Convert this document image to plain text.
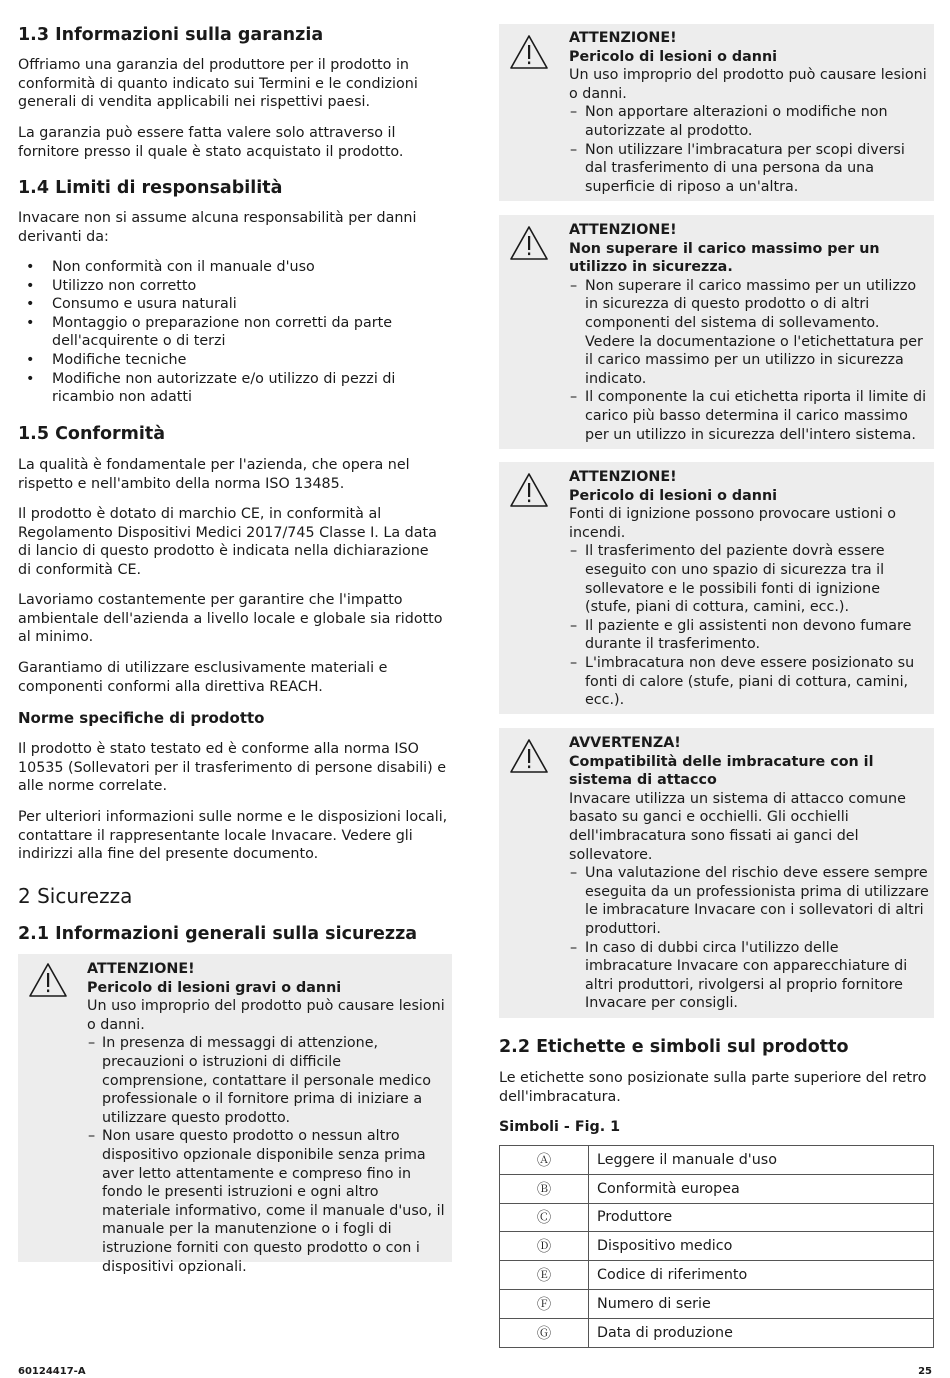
1.3 Informazioni sulla garanzia

Offriamo una garanzia del produttore per il prodotto in conformità di quanto indicato sui Termini e le condizioni generali di vendita applicabili nei rispettivi paesi.

La garanzia può essere fatta valere solo attraverso il fornitore presso il quale è stato acquistato il prodotto.

1.4 Limiti di responsabilità

Invacare non si assume alcuna responsabilità per danni derivanti da:

• Non conformità con il manuale d'uso
• Utilizzo non corretto
• Consumo e usura naturali
• Montaggio o preparazione non corretti da parte dell'acquirente o di terzi
• Modifiche tecniche
• Modifiche non autorizzate e/o utilizzo di pezzi di ricambio non adatti
1.5 Conformità

La qualità è fondamentale per l'azienda, che opera nel rispetto e nell'ambito della norma ISO 13485.

Il prodotto è dotato di marchio CE, in conformità al Regolamento Dispositivi Medici 2017/745 Classe I. La data di lancio di questo prodotto è indicata nella dichiarazione di conformità CE.

Lavoriamo costantemente per garantire che l'impatto ambientale dell'azienda a livello locale e globale sia ridotto al minimo.

Garantiamo di utilizzare esclusivamente materiali e componenti conformi alla direttiva REACH.

Norme specifiche di prodotto

Il prodotto è stato testato ed è conforme alla norma ISO 10535 (Sollevatori per il trasferimento di persone disabili) e alle norme correlate.

Per ulteriori informazioni sulle norme e le disposizioni locali, contattare il rappresentante locale Invacare. Vedere gli indirizzi alla fine del presente documento.

2 Sicurezza
2.1 Informazioni generali sulla sicurezza
ATTENZIONE!
Pericolo di lesioni gravi o danni
Un uso improprio del prodotto può causare lesioni o danni.
– In presenza di messaggi di attenzione, precauzioni o istruzioni di difficile comprensione, contattare il personale medico professionale o il fornitore prima di iniziare a utilizzare questo prodotto.
– Non usare questo prodotto o nessun altro dispositivo opzionale disponibile senza prima aver letto attentamente e compreso fino in fondo le presenti istruzioni e ogni altro materiale informativo, come il manuale d'uso, il manuale per la manutenzione o i fogli di istruzione forniti con questo prodotto o con i dispositivi opzionali.
ATTENZIONE!
Pericolo di lesioni o danni
Un uso improprio del prodotto può causare lesioni o danni.
– Non apportare alterazioni o modifiche non autorizzate al prodotto.
– Non utilizzare l'imbracatura per scopi diversi dal trasferimento di una persona da una superficie di riposo a un'altra.
ATTENZIONE!
Non superare il carico massimo per un utilizzo in sicurezza.
– Non superare il carico massimo per un utilizzo in sicurezza di questo prodotto o di altri componenti del sistema di sollevamento. Vedere la documentazione o l'etichettatura per il carico massimo per un utilizzo in sicurezza indicato.
– Il componente la cui etichetta riporta il limite di carico più basso determina il carico massimo per un utilizzo in sicurezza dell'intero sistema.
ATTENZIONE!
Pericolo di lesioni o danni
Fonti di ignizione possono provocare ustioni o incendi.
– Il trasferimento del paziente dovrà essere eseguito con uno spazio di sicurezza tra il sollevatore e le possibili fonti di ignizione (stufe, piani di cottura, camini, ecc.).
– Il paziente e gli assistenti non devono fumare durante il trasferimento.
– L'imbracatura non deve essere posizionato su fonti di calore (stufe, piani di cottura, camini, ecc.).
AVVERTENZA!
Compatibilità delle imbracature con il sistema di attacco
Invacare utilizza un sistema di attacco comune basato su ganci e occhielli. Gli occhielli dell'imbracatura sono fissati ai ganci del sollevatore.
– Una valutazione del rischio deve essere sempre eseguita da un professionista prima di utilizzare le imbracature Invacare con i sollevatori di altri produttori.
– In caso di dubbi circa l'utilizzo delle imbracature Invacare con apparecchiature di altri produttori, rivolgersi al proprio fornitore Invacare per consigli.
2.2 Etichette e simboli sul prodotto

Le etichette sono posizionate sulla parte superiore del retro dell'imbracatura.

Simboli - Fig. 1
Ⓐ	Leggere il manuale d'uso
Ⓑ	Conformità europea
Ⓒ	Produttore
Ⓓ	Dispositivo medico
Ⓔ	Codice di riferimento
Ⓕ	Numero di serie
Ⓖ	Data di produzione
60124417-A	25
